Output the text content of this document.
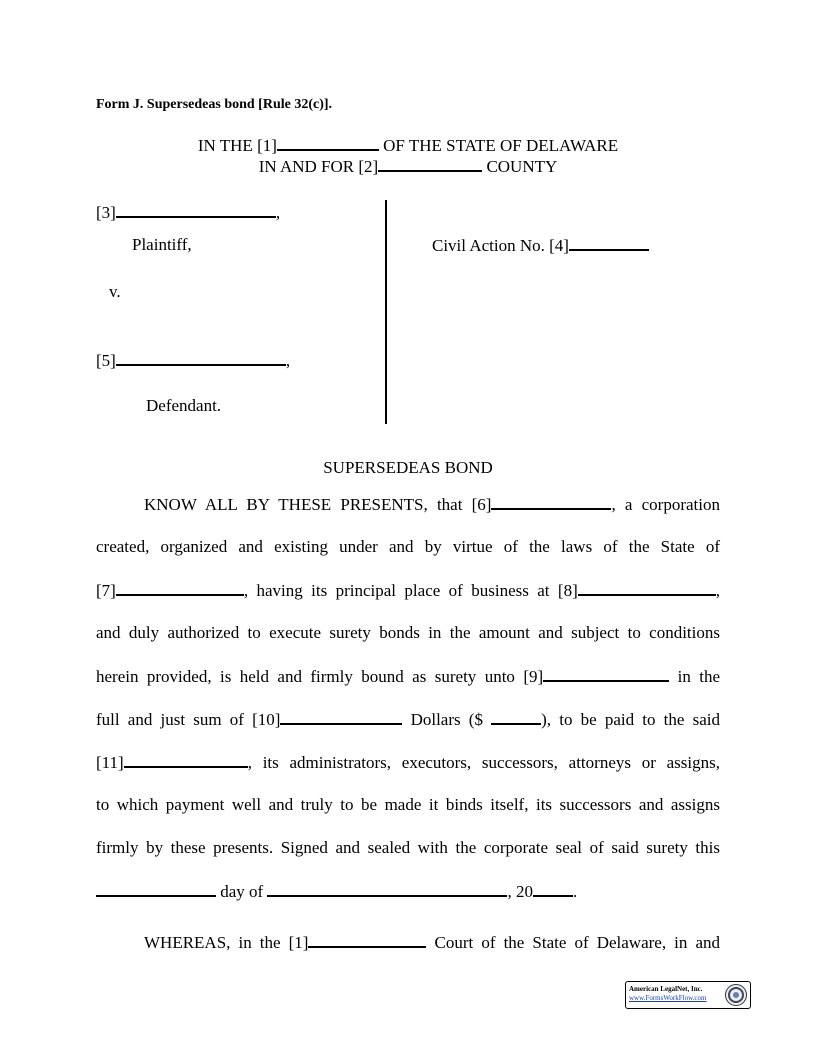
Form J. Supersedeas bond [Rule 32(c)].
IN THE [1]	OF THE STATE OF DELAWARE
IN AND FOR [2]	COUNTY
[3]	,
Plaintiff,
v.
[5]	,
Defendant.
Civil Action No. [4]
SUPERSEDEAS BOND
KNOW ALL BY THESE PRESENTS, that [6]	, a corporation
created, organized and existing under and by virtue of the laws of the State of
[7]	, having its principal place of business at [8]	,
and duly authorized to execute surety bonds in the amount and subject to conditions
herein provided, is held and firmly bound as surety unto [9]	in the
full and just sum of [10]	Dollars ($	), to be paid to the said
[11]	, its administrators, executors, successors, attorneys or assigns,
to which payment well and truly to be made it binds itself, its successors and assigns
firmly by these presents. Signed and sealed with the corporate seal of said surety this
day of	, 20 .
WHEREAS, in the [1]	Court of the State of Delaware, in and
American LegalNet, Inc.
www.FormsWorkFlow.com
